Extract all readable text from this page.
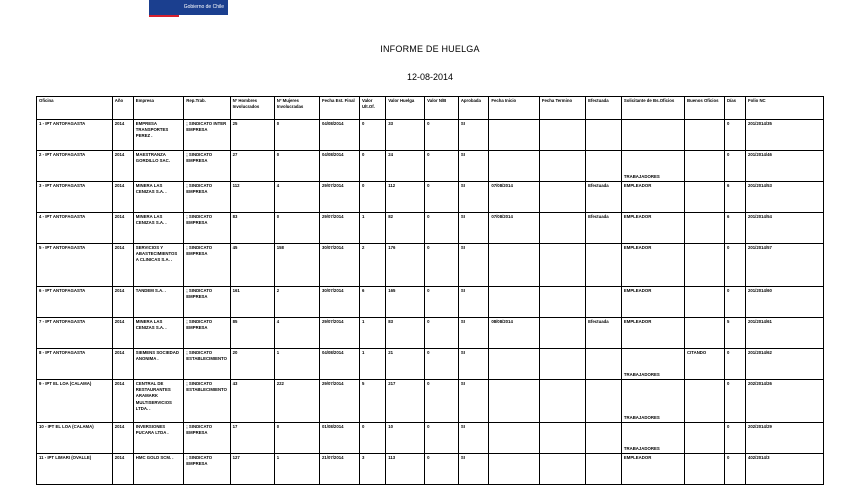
Gobierno de Chile
INFORME DE HUELGA
12-08-2014
Oficina	Año	Empresa	Rep.Trab.	Nº Hombres Involucrados	Nº Mujeres Involucradas	Fecha Est. Final	Valor Ult.Of.	Valor Huelga	Valor N/B	Aprobada	Fecha Inicio	Fecha Termino	Efectuada	Solicitante de Bs.Oficios	Buenos Oficios	Días	Folio NC
1 - IPT ANTOFAGASTA	2014	EMPRESA TRANSPORTES PEREZ .	; SINDICATO INTER EMPRESA	25	0	04/08/2014	0	33	0	SI						0	201/2014/35
2 - IPT ANTOFAGASTA	2014	MAESTRANZA GORDILLO SAC.	; SINDICATO EMPRESA	27	0	04/08/2014	0	24	0	SI				TRABAJADORES		0	201/2014/46
3 - IPT ANTOFAGASTA	2014	MINERA LAS CENIZAS S.A. .	; SINDICATO EMPRESA	112	4	29/07/2014	0	112	0	SI	07/08/2014		Efectuada	EMPLEADOR		6	201/2014/53
4 - IPT ANTOFAGASTA	2014	MINERA LAS CENIZAS S.A. .	; SINDICATO EMPRESA	83	0	29/07/2014	1	82	0	SI	07/08/2014		Efectuada	EMPLEADOR		6	201/2014/54
5 - IPT ANTOFAGASTA	2014	SERVICIOS Y ABASTECIMIENTOS A CLINICAS S.A. .	; SINDICATO EMPRESA	45	158	30/07/2014	2	176	0	SI				EMPLEADOR		0	201/2014/57
6 - IPT ANTOFAGASTA	2014	TANDEM S.A. .	; SINDICATO EMPRESA	161	2	30/07/2014	6	165	0	SI				EMPLEADOR		0	201/2014/60
7 - IPT ANTOFAGASTA	2014	MINERA LAS CENIZAS S.A. .	; SINDICATO EMPRESA	85	4	29/07/2014	1	83	0	SI	08/08/2014		Efectuada	EMPLEADOR		5	201/2014/61
8 - IPT ANTOFAGASTA	2014	SIEMENS SOCIEDAD ANONIMA .	; SINDICATO ESTABLECIMIENTO	20	1	04/08/2014	1	21	0	SI				TRABAJADORES	CITANDO	0	201/2014/62
9 - IPT EL LOA (CALAMA)	2014	CENTRAL DE RESTAURANTES ARAMARK MULTISERVICIOS LTDA. .	; SINDICATO ESTABLECIMIENTO	43	222	29/07/2014	5	217	0	SI				TRABAJADORES		0	202/2014/26
10 - IPT EL LOA (CALAMA)	2014	INVERSIONES PUCARA LTDA .	; SINDICATO EMPRESA	17	0	01/08/2014	0	10	0	SI				TRABAJADORES		0	202/2014/29
11 - IPT LIMARI (OVALLE)	2014	HMC GOLD SCM. .	; SINDICATO EMPRESA	127	1	21/07/2014	3	113	0	SI				EMPLEADOR		0	402/2014/3
